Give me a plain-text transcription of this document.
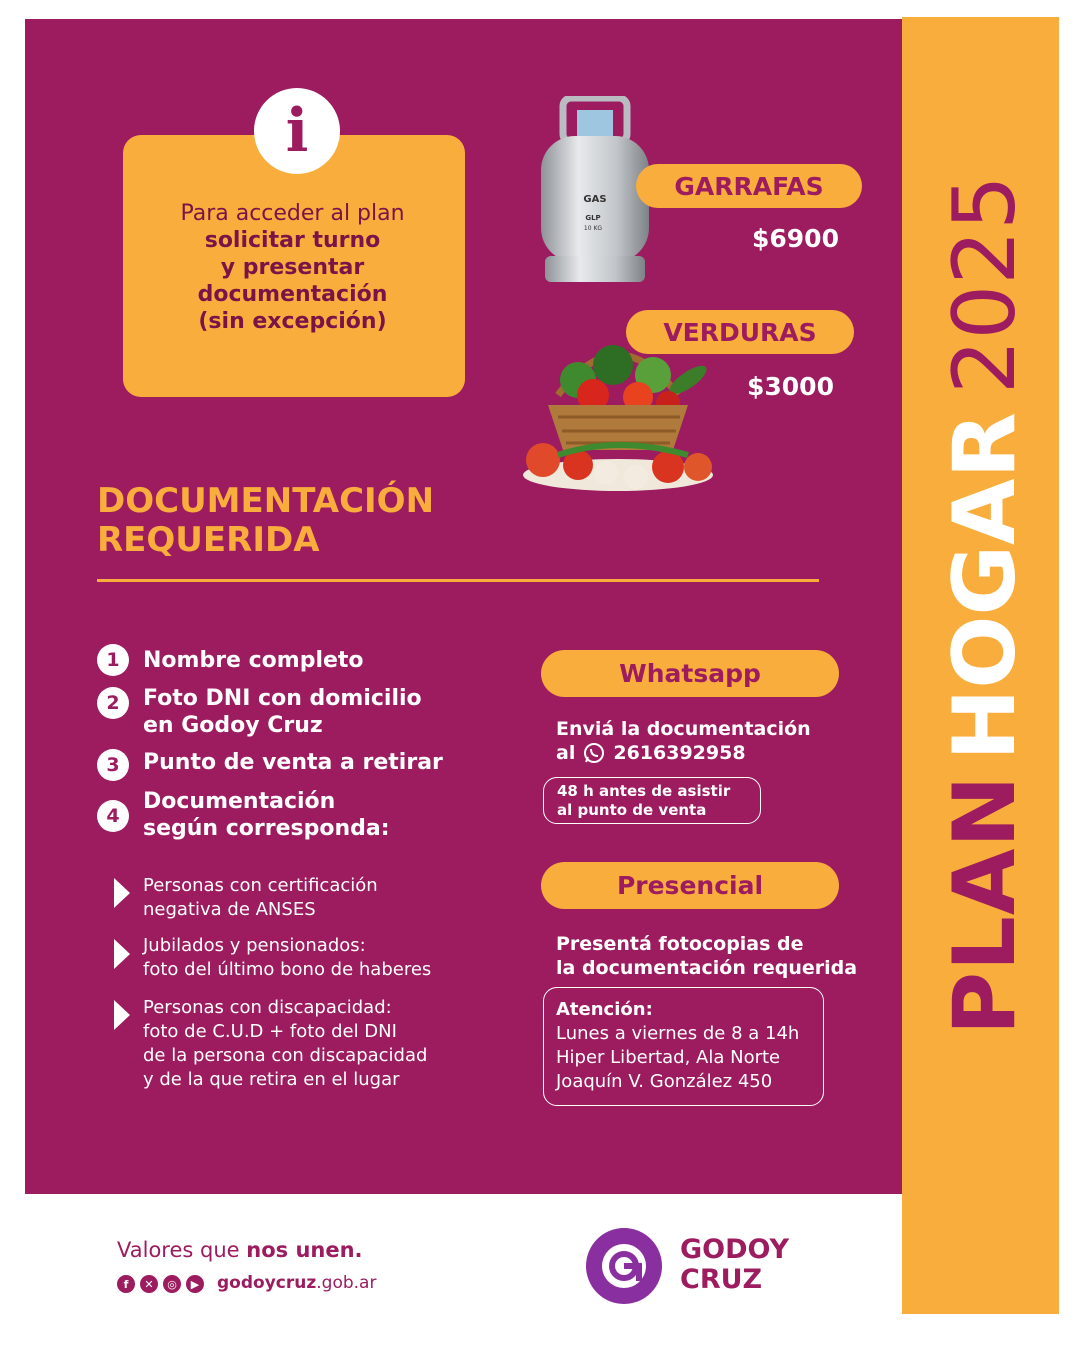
PLAN
HOGAR
2025
i
Para acceder al plan
solicitar turno
y presentar
documentación
(sin excepción)
GAS
GLP
10 KG
GARRAFAS
$6900
VERDURAS
$3000
DOCUMENTACIÓN
REQUERIDA
1	Nombre completo
2	Foto DNI con domicilio
en Godoy Cruz
3	Punto de venta a retirar
4
Documentación
según corresponda:
Personas con certificación
negativa de ANSES
Jubilados y pensionados:
foto del último bono de haberes
Personas con discapacidad:
foto de C.U.D + foto del DNI
de la persona con discapacidad
y de la que retira en el lugar
Whatsapp
Enviá la documentación
al 2616392958
48 h antes de asistir
al punto de venta
Presencial
Presentá fotocopias de
la documentación requerida
Atención:
Lunes a viernes de 8 a 14h
Hiper Libertad, Ala Norte
Joaquín V. González 450
Valores que nos unen.
f	✕	◎	▶ godoycruz.gob.ar
GODOY
CRUZ
